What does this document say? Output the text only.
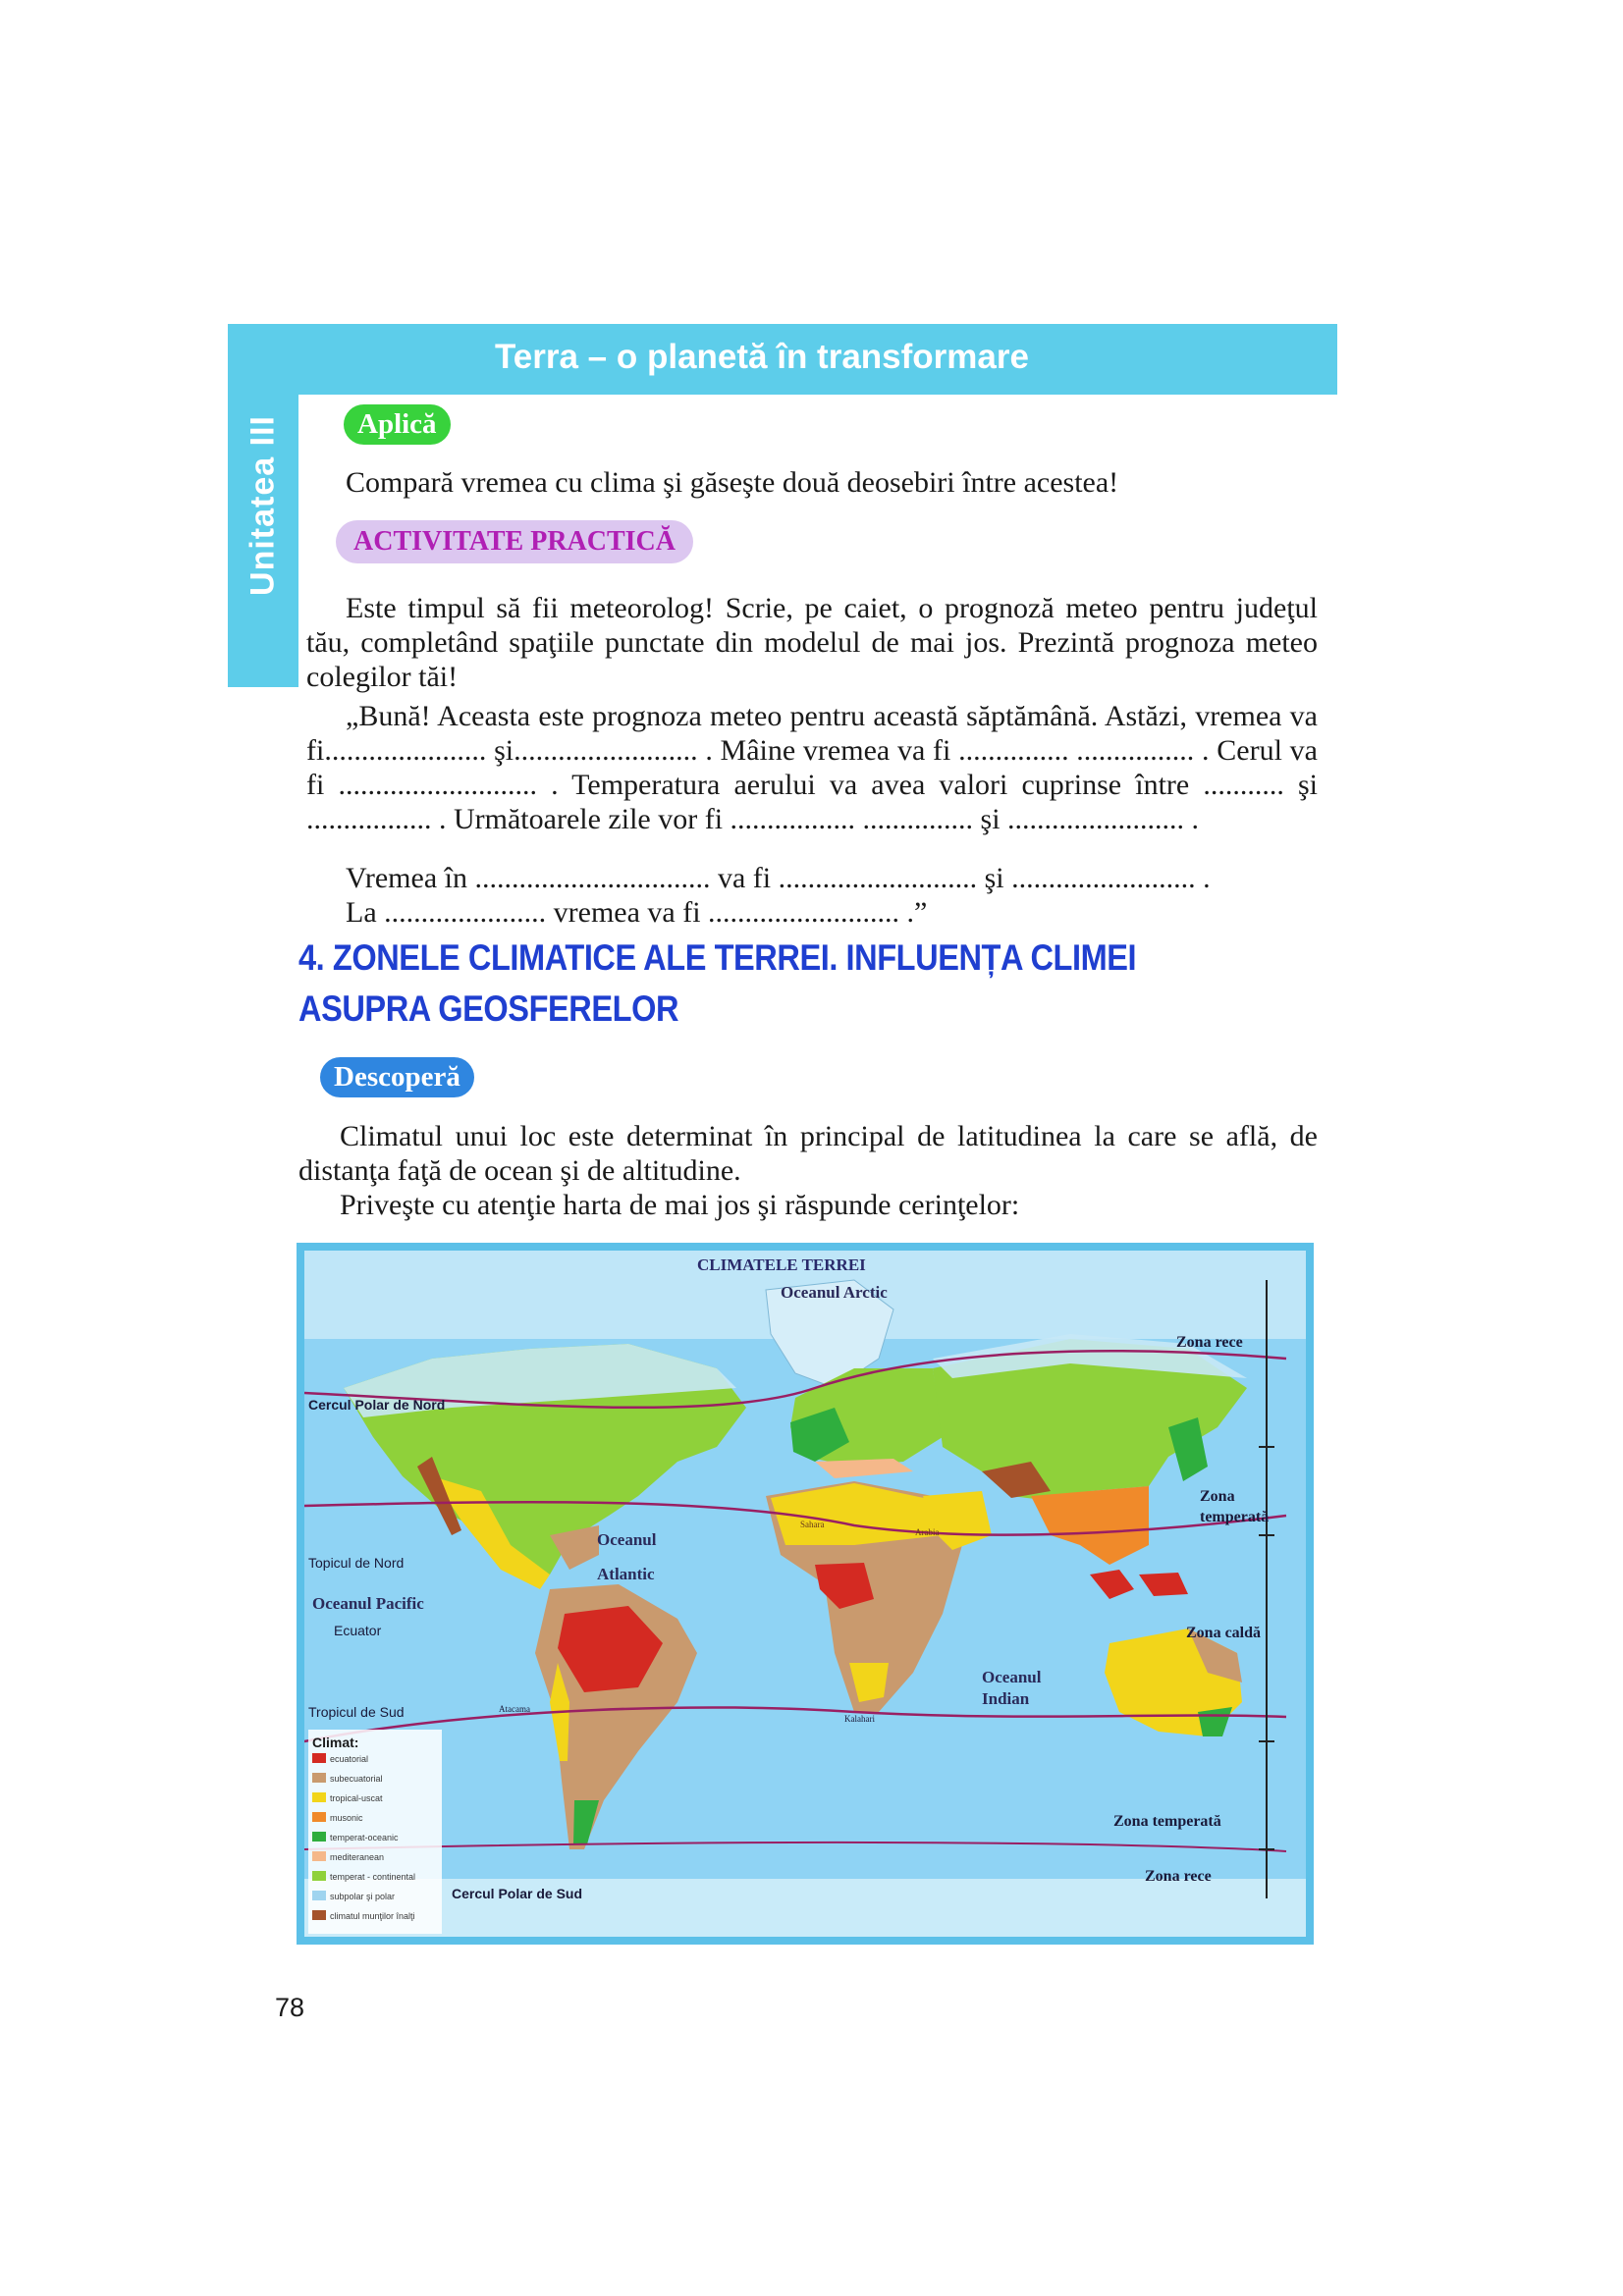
Unitatea III
Terra – o planetă în transformare
Aplică
Compară vremea cu clima şi găseşte două deosebiri între acestea!
ACTIVITATE PRACTICĂ
Este timpul să fii meteorolog! Scrie, pe caiet, o prognoză meteo pentru judeţul tău, completând spaţiile punctate din modelul de mai jos. Prezintă prognoza meteo colegilor tăi!
„Bună! Aceasta este prognoza meteo pentru această săptămână. Astăzi, vremea va fi...................... şi......................... . Mâine vremea va fi ............... ................ . Cerul va fi ........................... . Temperatura aerului va avea valori cuprinse între ........... şi ................. . Următoarele zile vor fi ................. ............... şi ........................ .
Vremea în ................................ va fi ........................... şi ......................... .
La ...................... vremea va fi .......................... .”
4. ZONELE CLIMATICE ALE TERREI. INFLUENȚA CLIMEI ASUPRA GEOSFERELOR
Descoperă
Climatul unui loc este determinat în principal de latitudinea la care se află, de distanţa faţă de ocean şi de altitudine.
Priveşte cu atenţie harta de mai jos şi răspunde cerinţelor:
CLIMATELE TERREI
Oceanul Arctic
Oceanul
Atlantic
Oceanul Pacific
Oceanul
Indian
Cercul Polar de Nord
Topicul de Nord
Ecuator
Tropicul de Sud
Cercul Polar de Sud
Sahara
Arabia
Atacama
Kalahari
Zona rece
Zona
temperată
Zona caldă
Zona temperată
Zona rece
Climat:
ecuatorial
subecuatorial
tropical-uscat
musonic
temperat-oceanic
mediteranean
temperat - continental
subpolar şi polar
climatul munţilor înalţi
78
